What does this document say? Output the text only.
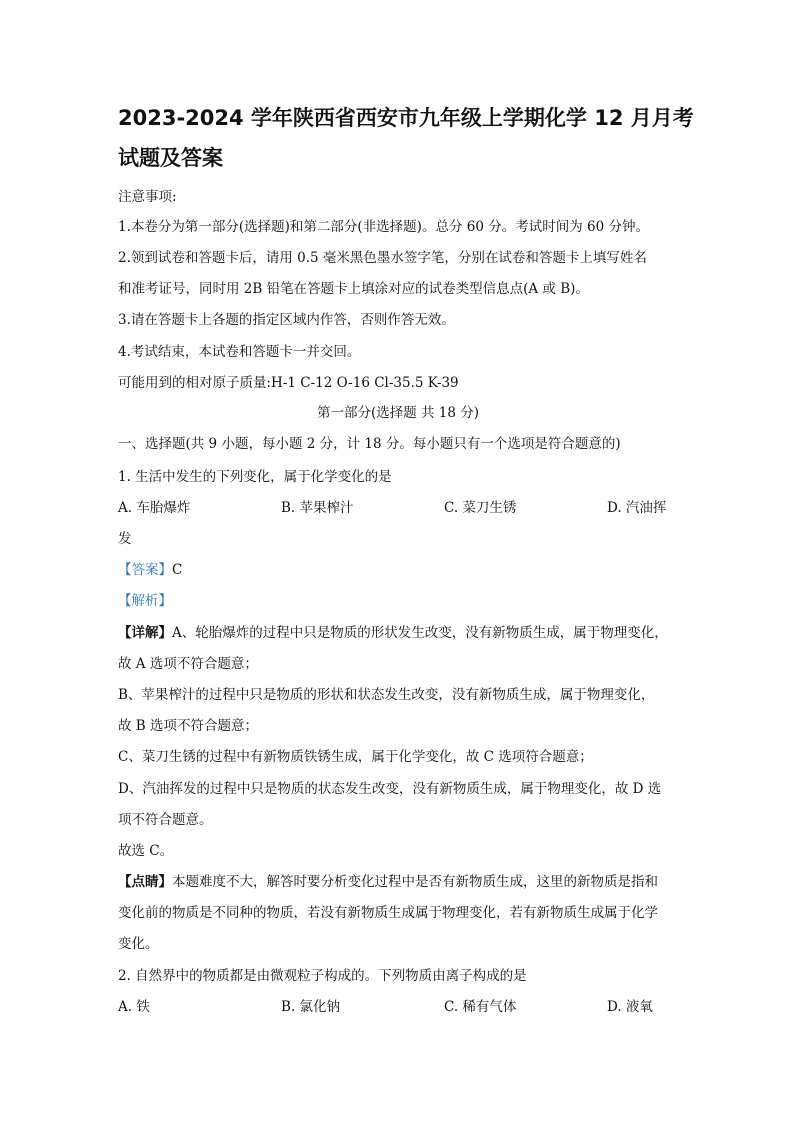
2023-2024 学年陕西省西安市九年级上学期化学 12 月月考
试题及答案
注意事项:
1.本卷分为第一部分(选择题)和第二部分(非选择题)。总分 60 分。考试时间为 60 分钟。
2.领到试卷和答题卡后，请用 0.5 毫米黑色墨水签字笔，分别在试卷和答题卡上填写姓名
和准考证号，同时用 2B 铅笔在答题卡上填涂对应的试卷类型信息点(A 或 B)。
3.请在答题卡上各题的指定区域内作答，否则作答无效。
4.考试结束，本试卷和答题卡一并交回。
可能用到的相对原子质量:H-1 C-12 O-16 Cl-35.5 K-39
第一部分(选择题 共 18 分)
一、选择题(共 9 小题，每小题 2 分，计 18 分。每小题只有一个选项是符合题意的)
1. 生活中发生的下列变化，属于化学变化的是
A. 车胎爆炸	B. 苹果榨汁	C. 菜刀生锈	D. 汽油挥
发
【答案】C
【解析】
【详解】A、轮胎爆炸的过程中只是物质的形状发生改变，没有新物质生成，属于物理变化，
故 A 选项不符合题意；
B、苹果榨汁的过程中只是物质的形状和状态发生改变，没有新物质生成，属于物理变化，
故 B 选项不符合题意；
C、菜刀生锈的过程中有新物质铁锈生成，属于化学变化，故 C 选项符合题意；
D、汽油挥发的过程中只是物质的状态发生改变，没有新物质生成，属于物理变化，故 D 选
项不符合题意。
故选 C。
【点睛】本题难度不大，解答时要分析变化过程中是否有新物质生成，这里的新物质是指和
变化前的物质是不同种的物质，若没有新物质生成属于物理变化，若有新物质生成属于化学
变化。
2. 自然界中的物质都是由微观粒子构成的。下列物质由离子构成的是
A. 铁	B. 氯化钠	C. 稀有气体	D. 液氧
